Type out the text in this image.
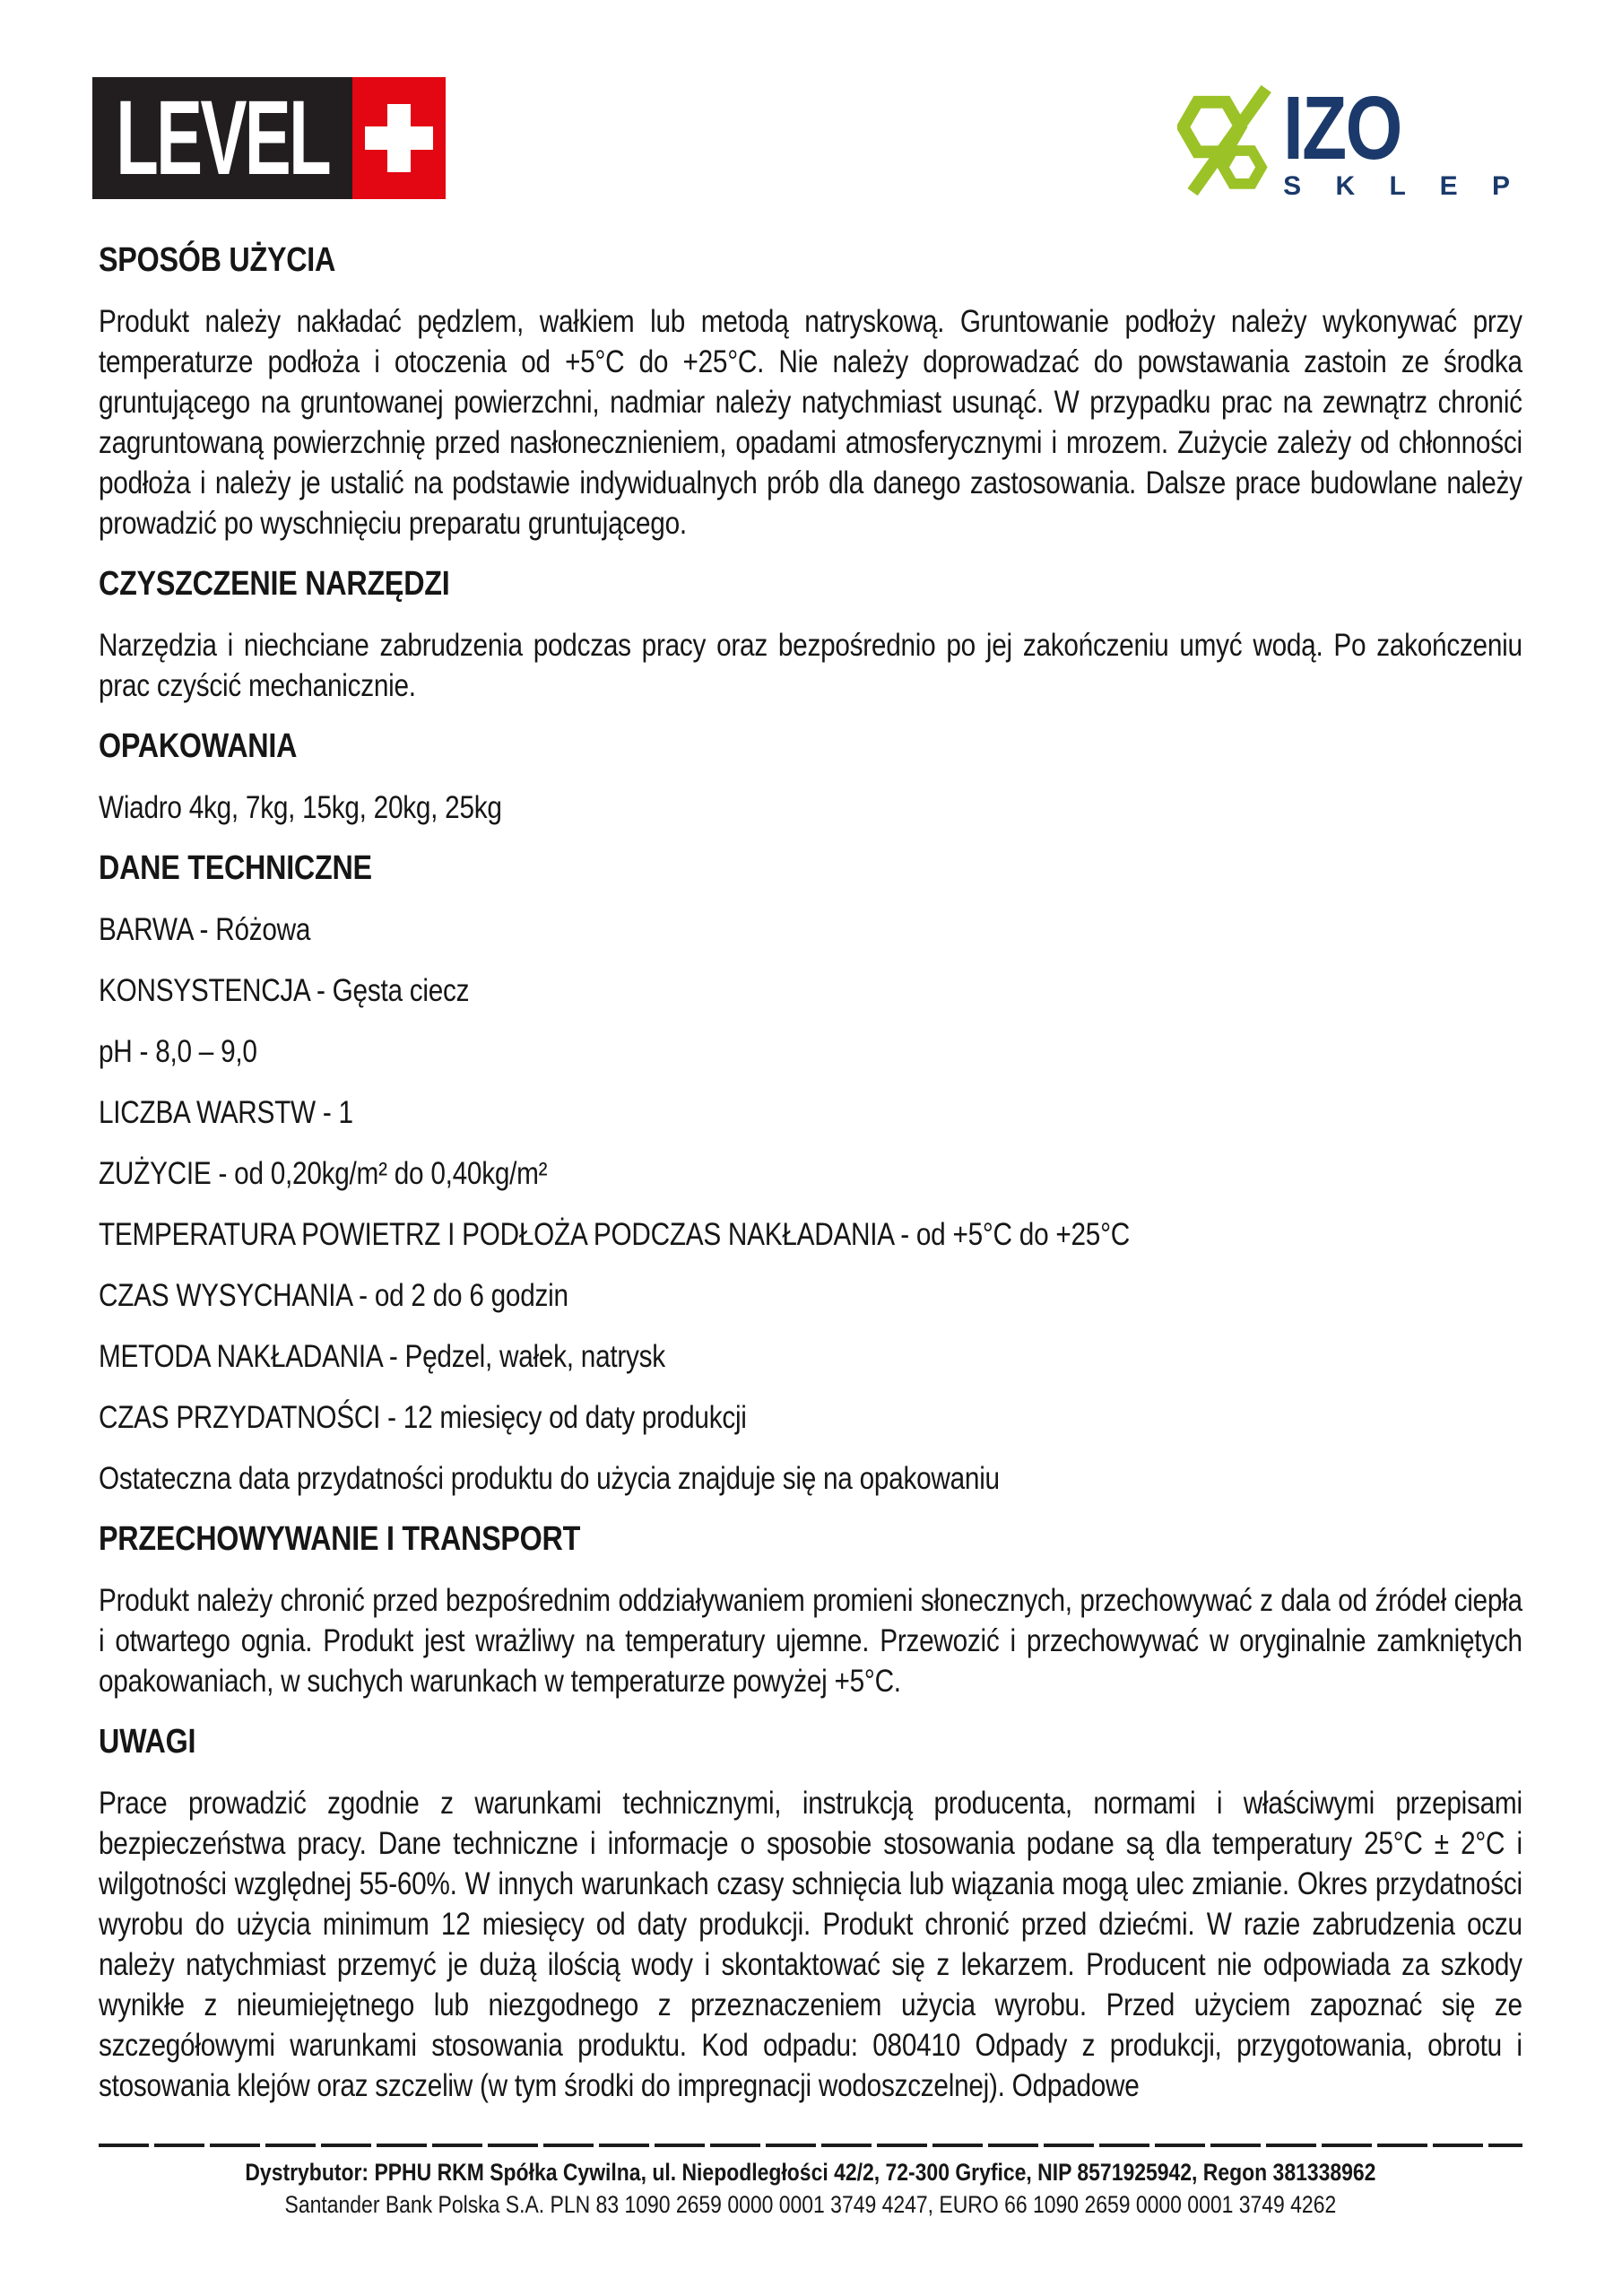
LEVEL	IZO
S K L E P
SPOSÓB UŻYCIA

Produkt należy nakładać pędzlem, wałkiem lub metodą natryskową. Gruntowanie podłoży należy wykonywać przy temperaturze podłoża i otoczenia od +5°C do +25°C. Nie należy doprowadzać do powstawania zastoin ze środka gruntującego na gruntowanej powierzchni, nadmiar należy natychmiast usunąć. W przypadku prac na zewnątrz chronić zagruntowaną powierzchnię przed nasłonecznieniem, opadami atmosferycznymi i mrozem. Zużycie zależy od chłonności podłoża i należy je ustalić na podstawie indywidualnych prób dla danego zastosowania. Dalsze prace budowlane należy prowadzić po wyschnięciu preparatu gruntującego.

CZYSZCZENIE NARZĘDZI

Narzędzia i niechciane zabrudzenia podczas pracy oraz bezpośrednio po jej zakończeniu umyć wodą. Po zakończeniu prac czyścić mechanicznie.

OPAKOWANIA

Wiadro 4kg, 7kg, 15kg, 20kg, 25kg

DANE TECHNICZNE

BARWA - Różowa

KONSYSTENCJA - Gęsta ciecz

pH - 8,0 – 9,0

LICZBA WARSTW - 1

ZUŻYCIE - od 0,20kg/m² do 0,40kg/m²

TEMPERATURA POWIETRZ I PODŁOŻA PODCZAS NAKŁADANIA - od +5°C do +25°C

CZAS WYSYCHANIA - od 2 do 6 godzin

METODA NAKŁADANIA - Pędzel, wałek, natrysk

CZAS PRZYDATNOŚCI - 12 miesięcy od daty produkcji

Ostateczna data przydatności produktu do użycia znajduje się na opakowaniu

PRZECHOWYWANIE I TRANSPORT

Produkt należy chronić przed bezpośrednim oddziaływaniem promieni słonecznych, przechowywać z dala od źródeł ciepła i otwartego ognia. Produkt jest wrażliwy na temperatury ujemne. Przewozić i przechowywać w oryginalnie zamkniętych opakowaniach, w suchych warunkach w temperaturze powyżej +5°C.

UWAGI

Prace prowadzić zgodnie z warunkami technicznymi, instrukcją producenta, normami i właściwymi przepisami bezpieczeństwa pracy. Dane techniczne i informacje o sposobie stosowania podane są dla temperatury 25°C ± 2°C i wilgotności względnej 55-60%. W innych warunkach czasy schnięcia lub wiązania mogą ulec zmianie. Okres przydatności wyrobu do użycia minimum 12 miesięcy od daty produkcji. Produkt chronić przed dziećmi. W razie zabrudzenia oczu należy natychmiast przemyć je dużą ilością wody i skontaktować się z lekarzem. Producent nie odpowiada za szkody wynikłe z nieumiejętnego lub niezgodnego z przeznaczeniem użycia wyrobu. Przed użyciem zapoznać się ze szczegółowymi warunkami stosowania produktu. Kod odpadu: 080410 Odpady z produkcji, przygotowania, obrotu i stosowania klejów oraz szczeliw (w tym środki do impregnacji wodoszczelnej). Odpadowe

Dystrybutor: PPHU RKM Spółka Cywilna, ul. Niepodległości 42/2, 72-300 Gryfice, NIP 8571925942, Regon 381338962
Santander Bank Polska S.A. PLN 83 1090 2659 0000 0001 3749 4247, EURO 66 1090 2659 0000 0001 3749 4262
